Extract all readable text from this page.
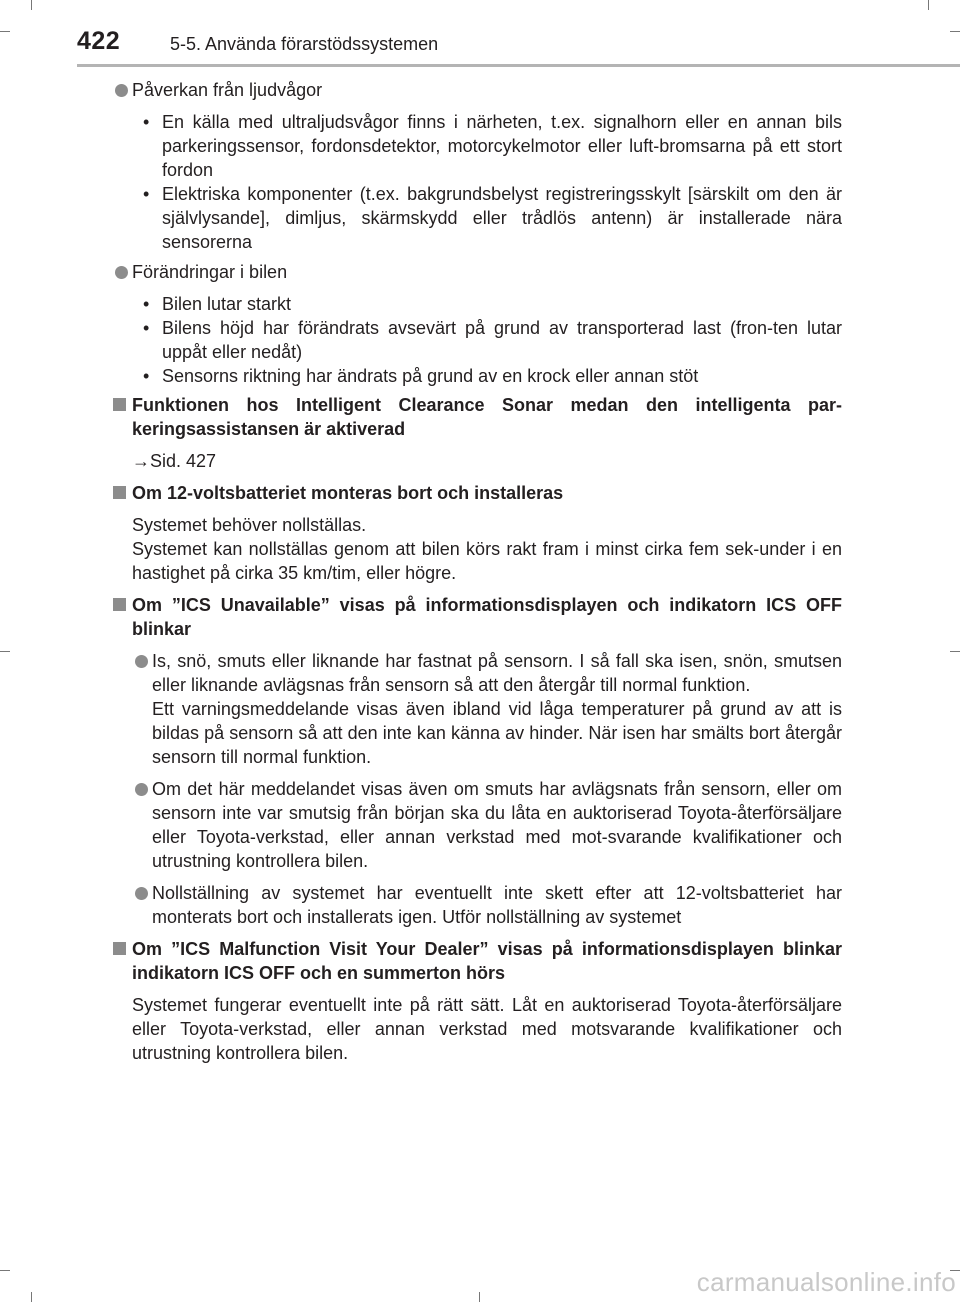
422	5-5. Använda förarstödssystemen

Påverkan från ljudvågor

• En källa med ultraljudsvågor finns i närheten, t.ex. signalhorn eller en annan bils parkeringssensor, fordonsdetektor, motorcykelmotor eller luft-bromsarna på ett stort fordon

• Elektriska komponenter (t.ex. bakgrundsbelyst registreringsskylt [särskilt om den är självlysande], dimljus, skärmskydd eller trådlös antenn) är installerade nära sensorerna

Förändringar i bilen

• Bilen lutar starkt

• Bilens höjd har förändrats avsevärt på grund av transporterad last (fron-ten lutar uppåt eller nedåt)

• Sensorns riktning har ändrats på grund av en krock eller annan stöt

Funktionen hos Intelligent Clearance Sonar medan den intelligenta par-keringsassistansen är aktiverad

→Sid. 427

Om 12-voltsbatteriet monteras bort och installeras

Systemet behöver nollställas.

Systemet kan nollställas genom att bilen körs rakt fram i minst cirka fem sek-under i en hastighet på cirka 35 km/tim, eller högre.

Om ”ICS Unavailable” visas på informationsdisplayen och indikatorn ICS OFF blinkar

Is, snö, smuts eller liknande har fastnat på sensorn. I så fall ska isen, snön, smutsen eller liknande avlägsnas från sensorn så att den återgår till normal funktion.

Ett varningsmeddelande visas även ibland vid låga temperaturer på grund av att is bildas på sensorn så att den inte kan känna av hinder. När isen har smälts bort återgår sensorn till normal funktion.

Om det här meddelandet visas även om smuts har avlägsnats från sensorn, eller om sensorn inte var smutsig från början ska du låta en auktoriserad Toyota-återförsäljare eller Toyota-verkstad, eller annan verkstad med mot-svarande kvalifikationer och utrustning kontrollera bilen.

Nollställning av systemet har eventuellt inte skett efter att 12-voltsbatteriet har monterats bort och installerats igen. Utför nollställning av systemet

Om ”ICS Malfunction Visit Your Dealer” visas på informationsdisplayen blinkar indikatorn ICS OFF och en summerton hörs

Systemet fungerar eventuellt inte på rätt sätt. Låt en auktoriserad Toyota-återförsäljare eller Toyota-verkstad, eller annan verkstad med motsvarande kvalifikationer och utrustning kontrollera bilen.

carmanualsonline.info
